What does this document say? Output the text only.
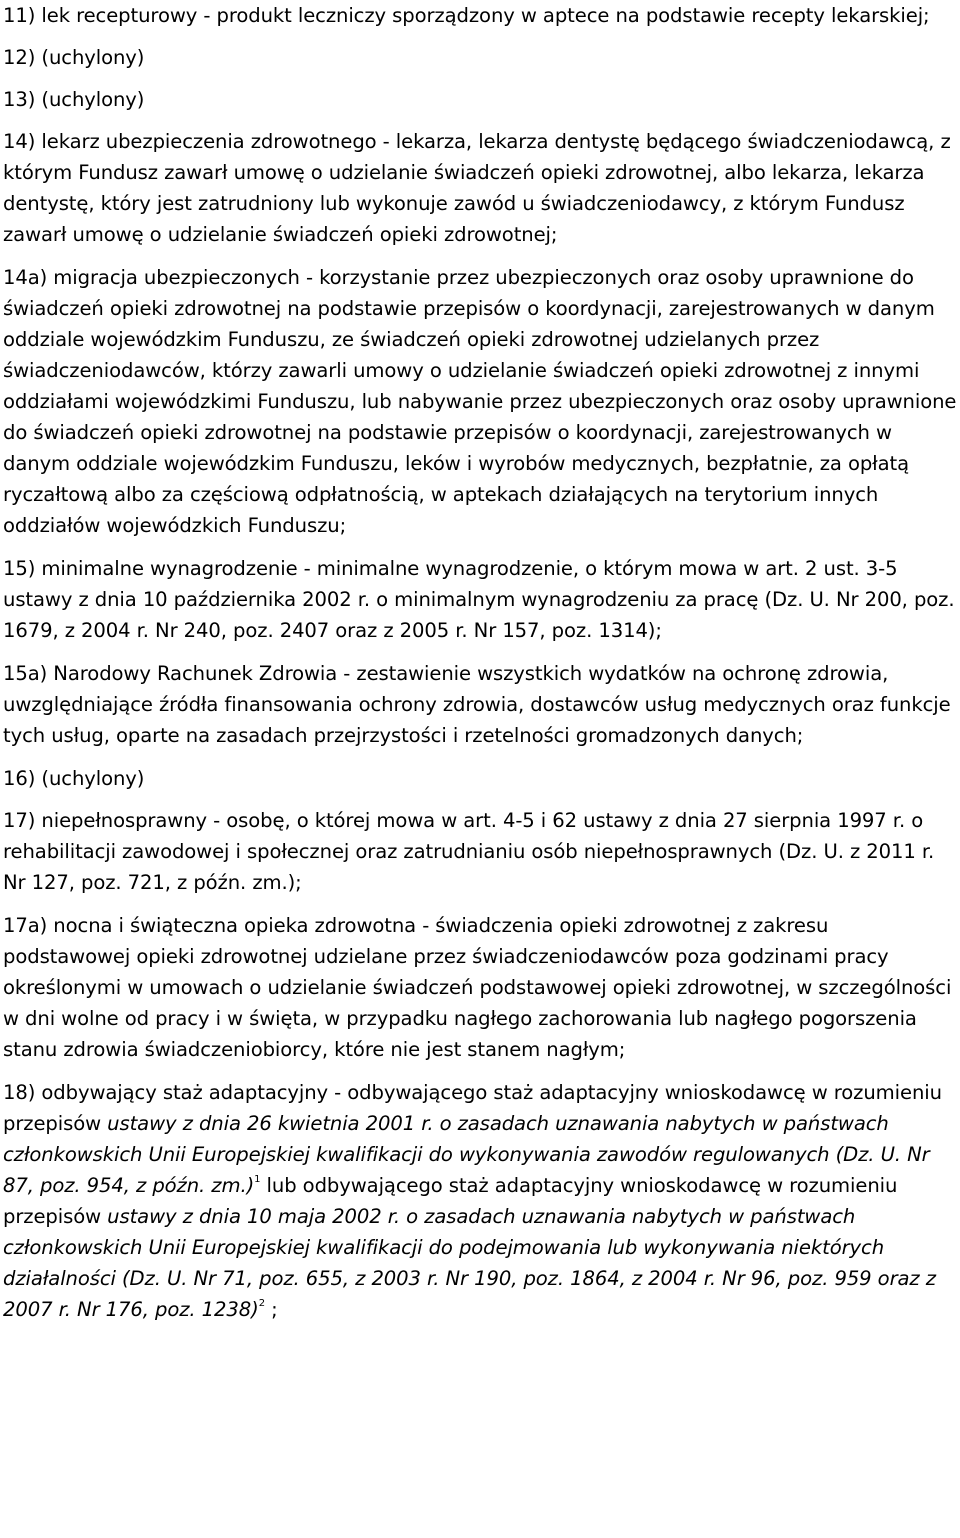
11) lek recepturowy - produkt leczniczy sporządzony w aptece na podstawie recepty lekarskiej;

12) (uchylony)

13) (uchylony)

14) lekarz ubezpieczenia zdrowotnego - lekarza, lekarza dentystę będącego świadczeniodawcą, z którym Fundusz zawarł umowę o udzielanie świadczeń opieki zdrowotnej, albo lekarza, lekarza dentystę, który jest zatrudniony lub wykonuje zawód u świadczeniodawcy, z którym Fundusz zawarł umowę o udzielanie świadczeń opieki zdrowotnej;

14a) migracja ubezpieczonych - korzystanie przez ubezpieczonych oraz osoby uprawnione do świadczeń opieki zdrowotnej na podstawie przepisów o koordynacji, zarejestrowanych w danym oddziale wojewódzkim Funduszu, ze świadczeń opieki zdrowotnej udzielanych przez świadczeniodawców, którzy zawarli umowy o udzielanie świadczeń opieki zdrowotnej z innymi oddziałami wojewódzkimi Funduszu, lub nabywanie przez ubezpieczonych oraz osoby uprawnione do świadczeń opieki zdrowotnej na podstawie przepisów o koordynacji, zarejestrowanych w danym oddziale wojewódzkim Funduszu, leków i wyrobów medycznych, bezpłatnie, za opłatą ryczałtową albo za częściową odpłatnością, w aptekach działających na terytorium innych oddziałów wojewódzkich Funduszu;

15) minimalne wynagrodzenie - minimalne wynagrodzenie, o którym mowa w art. 2 ust. 3-5 ustawy z dnia 10 października 2002 r. o minimalnym wynagrodzeniu za pracę (Dz. U. Nr 200, poz. 1679, z 2004 r. Nr 240, poz. 2407 oraz z 2005 r. Nr 157, poz. 1314);

15a) Narodowy Rachunek Zdrowia - zestawienie wszystkich wydatków na ochronę zdrowia, uwzględniające źródła finansowania ochrony zdrowia, dostawców usług medycznych oraz funkcje tych usług, oparte na zasadach przejrzystości i rzetelności gromadzonych danych;

16) (uchylony)

17) niepełnosprawny - osobę, o której mowa w art. 4-5 i 62 ustawy z dnia 27 sierpnia 1997 r. o rehabilitacji zawodowej i społecznej oraz zatrudnianiu osób niepełnosprawnych (Dz. U. z 2011 r. Nr 127, poz. 721, z późn. zm.);

17a) nocna i świąteczna opieka zdrowotna - świadczenia opieki zdrowotnej z zakresu podstawowej opieki zdrowotnej udzielane przez świadczeniodawców poza godzinami pracy określonymi w umowach o udzielanie świadczeń podstawowej opieki zdrowotnej, w szczególności w dni wolne od pracy i w święta, w przypadku nagłego zachorowania lub nagłego pogorszenia stanu zdrowia świadczeniobiorcy, które nie jest stanem nagłym;

18) odbywający staż adaptacyjny - odbywającego staż adaptacyjny wnioskodawcę w rozumieniu przepisów ustawy z dnia 26 kwietnia 2001 r. o zasadach uznawania nabytych w państwach członkowskich Unii Europejskiej kwalifikacji do wykonywania zawodów regulowanych (Dz. U. Nr 87, poz. 954, z późn. zm.)$^1$ lub odbywającego staż adaptacyjny wnioskodawcę w rozumieniu przepisów ustawy z dnia 10 maja 2002 r. o zasadach uznawania nabytych w państwach członkowskich Unii Europejskiej kwalifikacji do podejmowania lub wykonywania niektórych działalności (Dz. U. Nr 71, poz. 655, z 2003 r. Nr 190, poz. 1864, z 2004 r. Nr 96, poz. 959 oraz z 2007 r. Nr 176, poz. 1238)$^2$ ;
